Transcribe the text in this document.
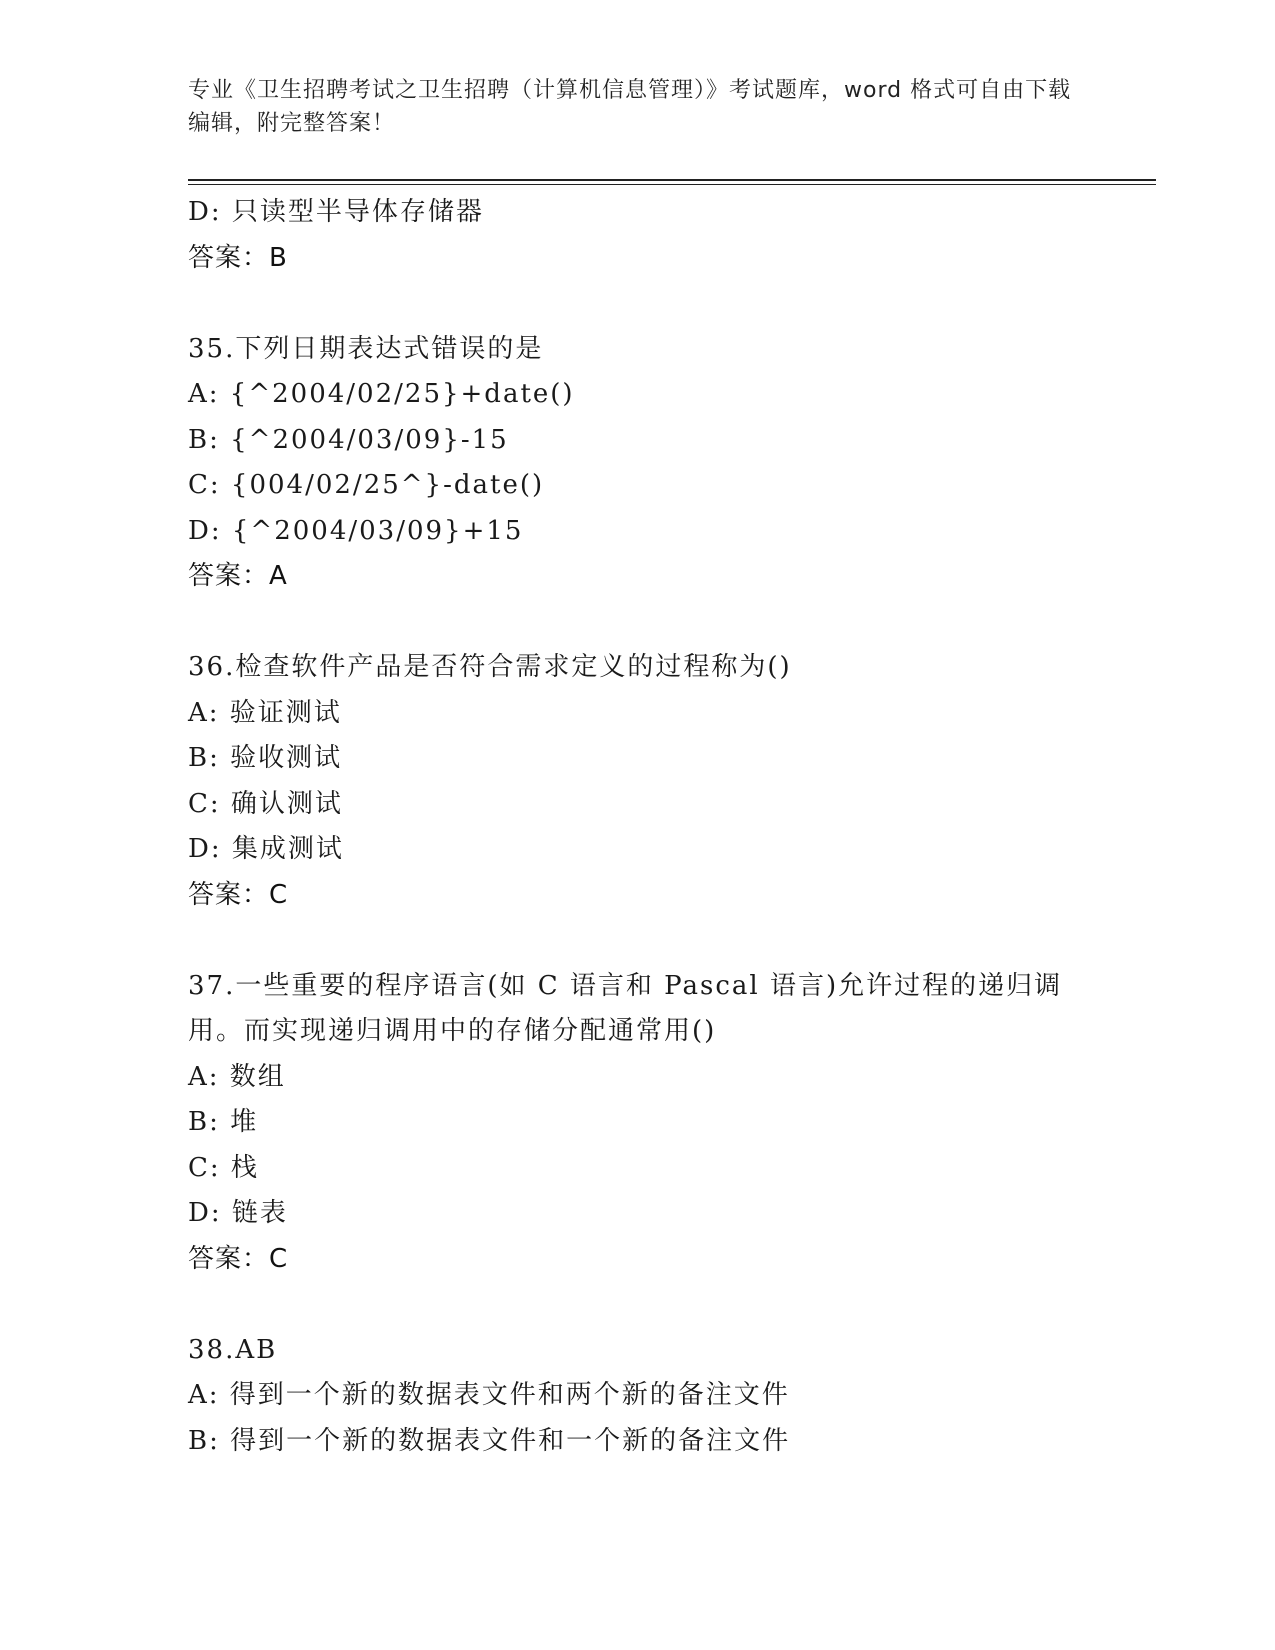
专业《卫生招聘考试之卫生招聘（计算机信息管理）》考试题库，word 格式可自由下载编辑，附完整答案！
D: 只读型半导体存储器
答案：B
35.下列日期表达式错误的是
A: {^2004/02/25}+date()
B: {^2004/03/09}-15
C: {004/02/25^}-date()
D: {^2004/03/09}+15
答案：A
36.检查软件产品是否符合需求定义的过程称为()
A: 验证测试
B: 验收测试
C: 确认测试
D: 集成测试
答案：C
37.一些重要的程序语言(如 C 语言和 Pascal 语言)允许过程的递归调用。而实现递归调用中的存储分配通常用()
A: 数组
B: 堆
C: 栈
D: 链表
答案：C
38.AB
A: 得到一个新的数据表文件和两个新的备注文件
B: 得到一个新的数据表文件和一个新的备注文件
